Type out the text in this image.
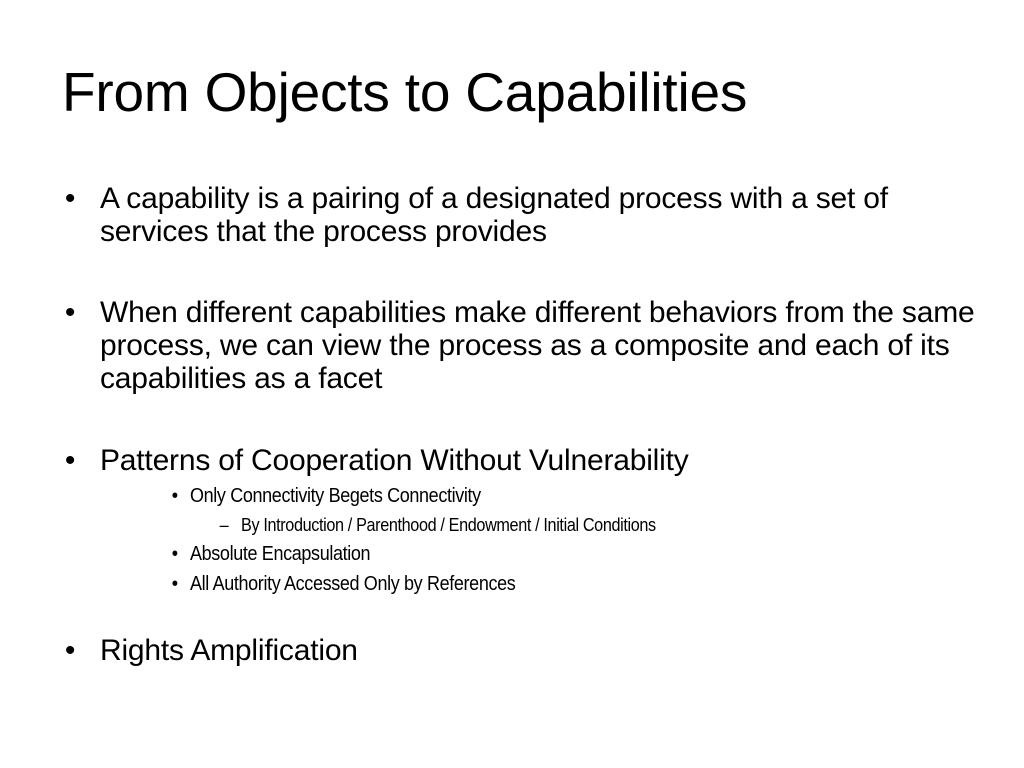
From Objects to Capabilities
• A capability is a pairing of a designated process with a set of services that the process provides
• When different capabilities make different behaviors from the same process, we can view the process as a composite and each of its capabilities as a facet
• Patterns of Cooperation Without Vulnerability
• Only Connectivity Begets Connectivity
– By Introduction / Parenthood / Endowment / Initial Conditions
• Absolute Encapsulation
• All Authority Accessed Only by References
• Rights Amplification
